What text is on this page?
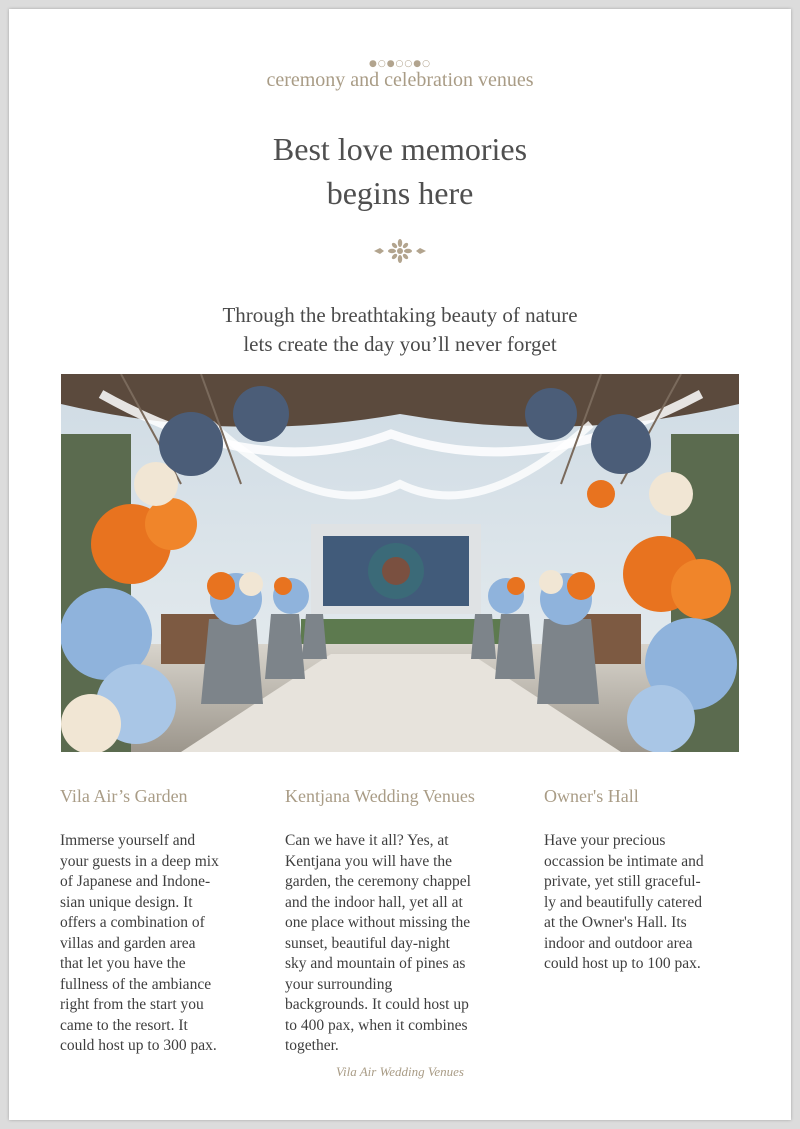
●○●○○●○
ceremony and celebration venues
Best love memories
begins here
Through the breathtaking beauty of nature
lets create the day you’ll never forget
Vila Air’s Garden
Immerse yourself and
your guests in a deep mix
of Japanese and Indone-
sian unique design. It
offers a combination of
villas and garden area
that let you have the
fullness of the ambiance
right from the start you
came to the resort. It
could host up to 300 pax.
Kentjana Wedding Venues
Can we have it all? Yes, at
Kentjana you will have the
garden, the ceremony chappel
and the indoor hall, yet all at
one place without missing the
sunset, beautiful day-night
sky and mountain of pines as
your surrounding
backgrounds. It could host up
to 400 pax, when it combines
together.
Owner's Hall
Have your precious
occassion be intimate and
private, yet still graceful-
ly and beautifully catered
at the Owner's Hall. Its
indoor and outdoor area
could host up to 100 pax.
Vila Air Wedding Venues
